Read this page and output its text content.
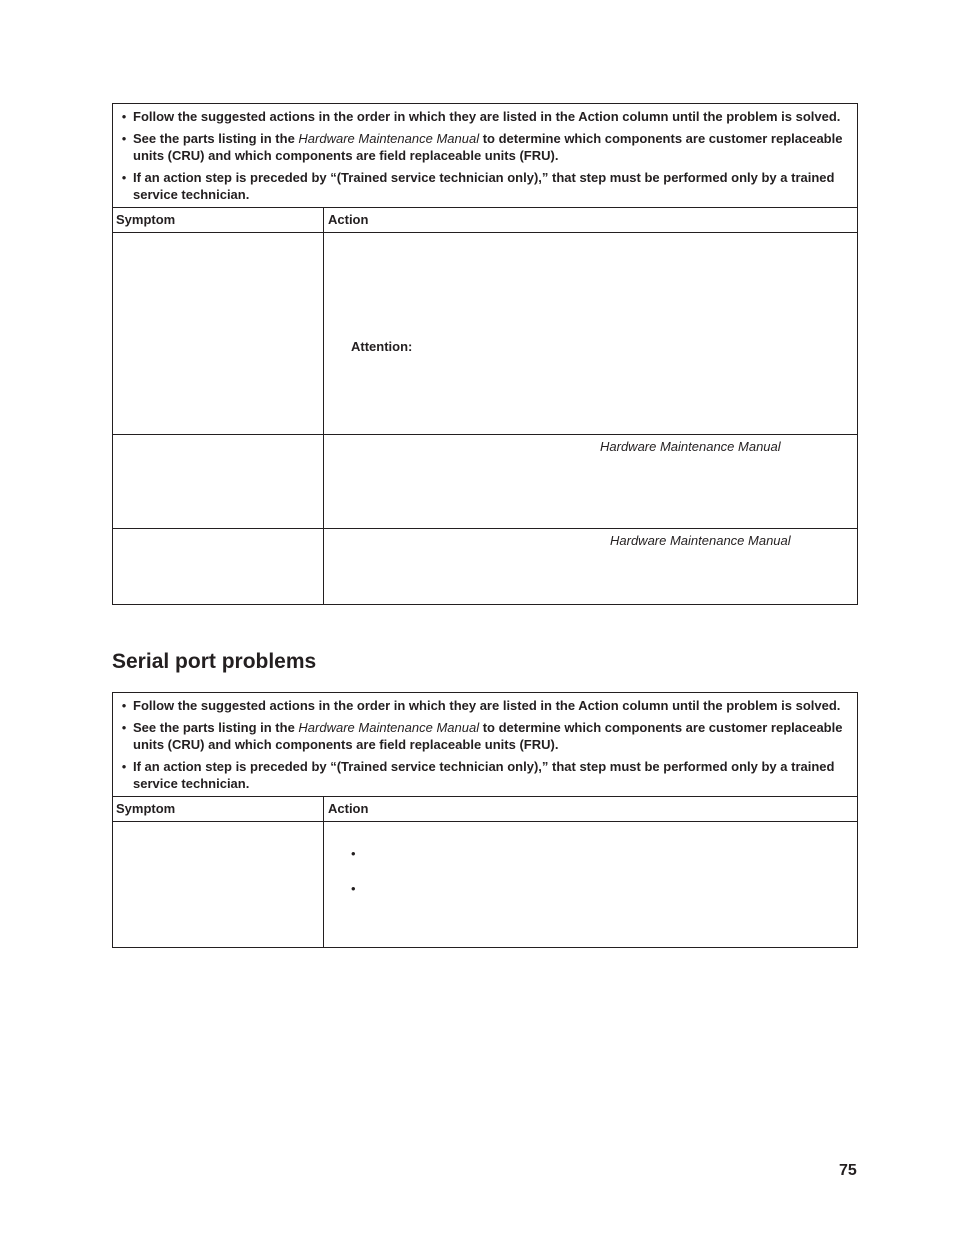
• Follow the suggested actions in the order in which they are listed in the Action column until the problem is solved.
• See the parts listing in the Hardware Maintenance Manual to determine which components are customer replaceable units (CRU) and which components are field replaceable units (FRU).
• If an action step is preceded by “(Trained service technician only),” that step must be performed only by a trained service technician.
Symptom	Action
Attention:
Hardware Maintenance Manual
Hardware Maintenance Manual
Serial port problems
• Follow the suggested actions in the order in which they are listed in the Action column until the problem is solved.
• See the parts listing in the Hardware Maintenance Manual to determine which components are customer replaceable units (CRU) and which components are field replaceable units (FRU).
• If an action step is preceded by “(Trained service technician only),” that step must be performed only by a trained service technician.
Symptom	Action
•
•
75
